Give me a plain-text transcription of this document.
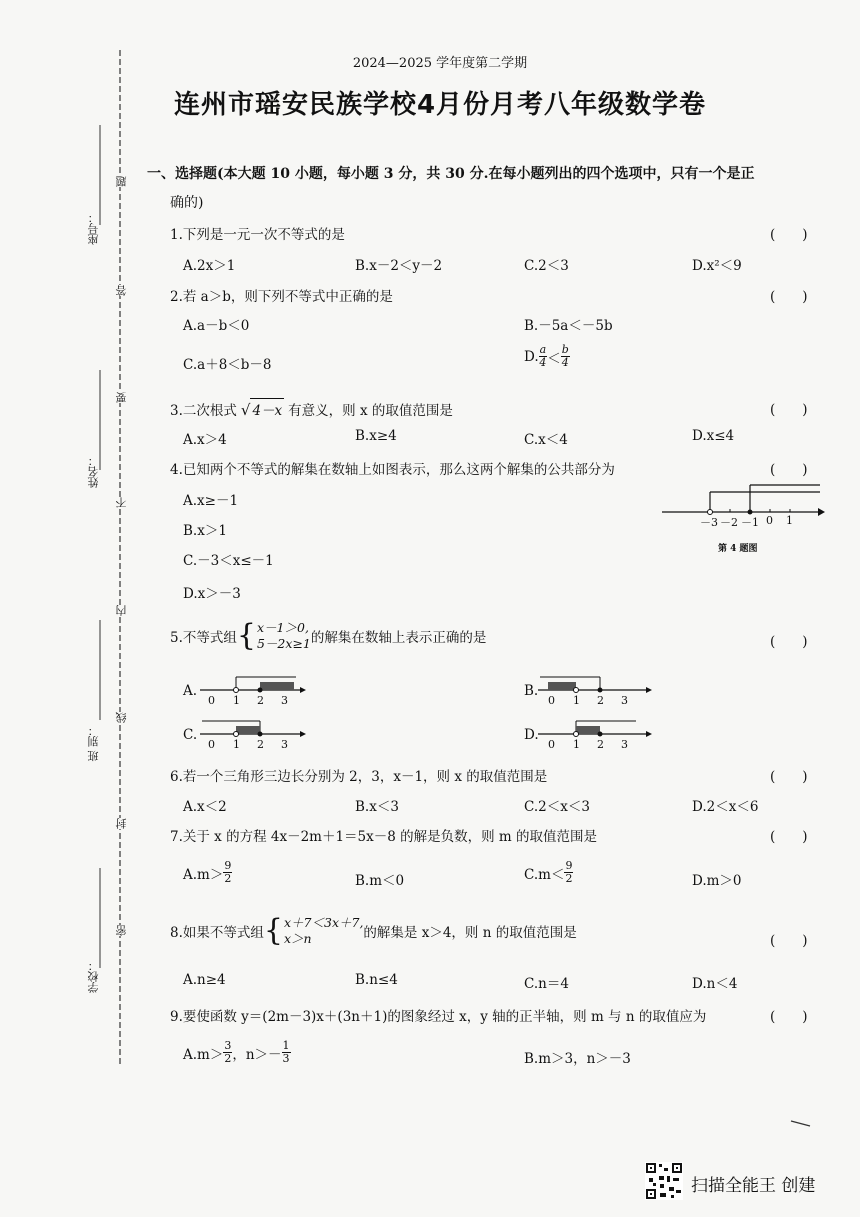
座号：
姓名：
班 别：
学校：
题
答
要
不
内
线
封
密
2024—2025 学年度第二学期
连州市瑶安民族学校4月份月考八年级数学卷
一、选择题(本大题 10 小题，每小题 3 分，共 30 分.在每小题列出的四个选项中，只有一个是正
确的)
1.下列是一元一次不等式的是	(　　)
A.2x＞1	B.x－2＜y－2	C.2＜3	D.x²＜9
2.若 a＞b，则下列不等式中正确的是	(　　)
A.a－b＜0	B.－5a＜－5b
C.a＋8＜b－8
D. $\frac{a}{4} < \frac{b}{4}$
3.二次根式 √ 4－x 有意义，则 x 的取值范围是	(　　)
A.x＞4	B.x≥4	C.x＜4	D.x≤4
4.已知两个不等式的解集在数轴上如图表示，那么这两个解集的公共部分为	(　　)
A.x≥－1
B.x＞1
C.－3＜x≤－1
D.x＞－3
－3 －2 －1 0 1
第 4 题图
5.不等式组 { x－1＞0,
5－2x≥1 的解集在数轴上表示正确的是	(　　)
A.
0 1 2 3
B.
0 1 2 3
C.
0 1 2 3
D.
0 1 2 3
6.若一个三角形三边长分别为 2，3，x－1，则 x 的取值范围是	(　　)
A.x＜2	B.x＜3	C.2＜x＜3	D.2＜x＜6
7.关于 x 的方程 4x－2m＋1＝5x－8 的解是负数，则 m 的取值范围是	(　　)
$A.m> \frac{9}{2}$	B.m＜0	$C.m< \frac{9}{2}$	D.m＞0
8.如果不等式组 { x＋7＜3x＋7,
x＞n	的解集是 x＞4，则 n 的取值范围是	(　　)
A.n≥4	B.n≤4	C.n＝4	D.n＜4
9.要使函数 y＝(2m－3)x＋(3n＋1)的图象经过 x，y 轴的正半轴，则 m 与 n 的取值应为	(　　)
$A.m> \frac{3}{2}$ ，$n>- \frac{1}{3}$	B.m＞3，n＞－3
扫描全能王 创建
